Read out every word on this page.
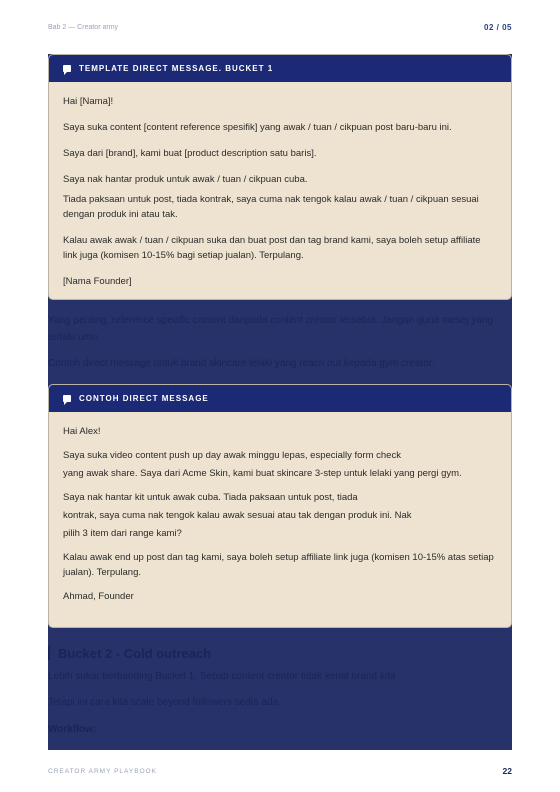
Bab 2 — Creator army	02 / 05
TEMPLATE DIRECT MESSAGE. BUCKET 1

Hai [Nama]!

Saya suka content [content reference spesifik] yang awak / tuan / cikpuan post baru-baru ini.

Saya dari [brand], kami buat [product description satu baris].

Saya nak hantar produk untuk awak / tuan / cikpuan cuba.

Tiada paksaan untuk post, tiada kontrak, saya cuma nak tengok kalau awak / tuan / cikpuan sesuai dengan produk ini atau tak.

Kalau awak awak / tuan / cikpuan suka dan buat post dan tag brand kami, saya boleh setup affiliate link juga (komisen 10-15% bagi setiap jualan). Terpulang.

[Nama Founder]

Yang penting, reference specific content daripada content creator tersebut. Jangan guna mesej yang terlalu umu.

Contoh direct message untuk brand skincare lelaki yang reach out kepada gym creator:

CONTOH DIRECT MESSAGE

Hai Alex!

Saya suka video content push up day awak minggu lepas, especially form check

yang awak share. Saya dari Acme Skin, kami buat skincare 3-step untuk lelaki yang pergi gym.

Saya nak hantar kit untuk awak cuba. Tiada paksaan untuk post, tiada

kontrak, saya cuma nak tengok kalau awak sesuai atau tak dengan produk ini. Nak

pilih 3 item dari range kami?

Kalau awak end up post dan tag kami, saya boleh setup affiliate link juga (komisen 10-15% atas setiap jualan). Terpulang.

Ahmad, Founder

Bucket 2 - Cold outreach

Lebih sukar berbanding Bucket 1. Sebab content creator tidak kenal brand kita

Tetapi ini cara kita scale beyond followers sedia ada.

Workflow:

CREATOR ARMY PLAYBOOK	22
